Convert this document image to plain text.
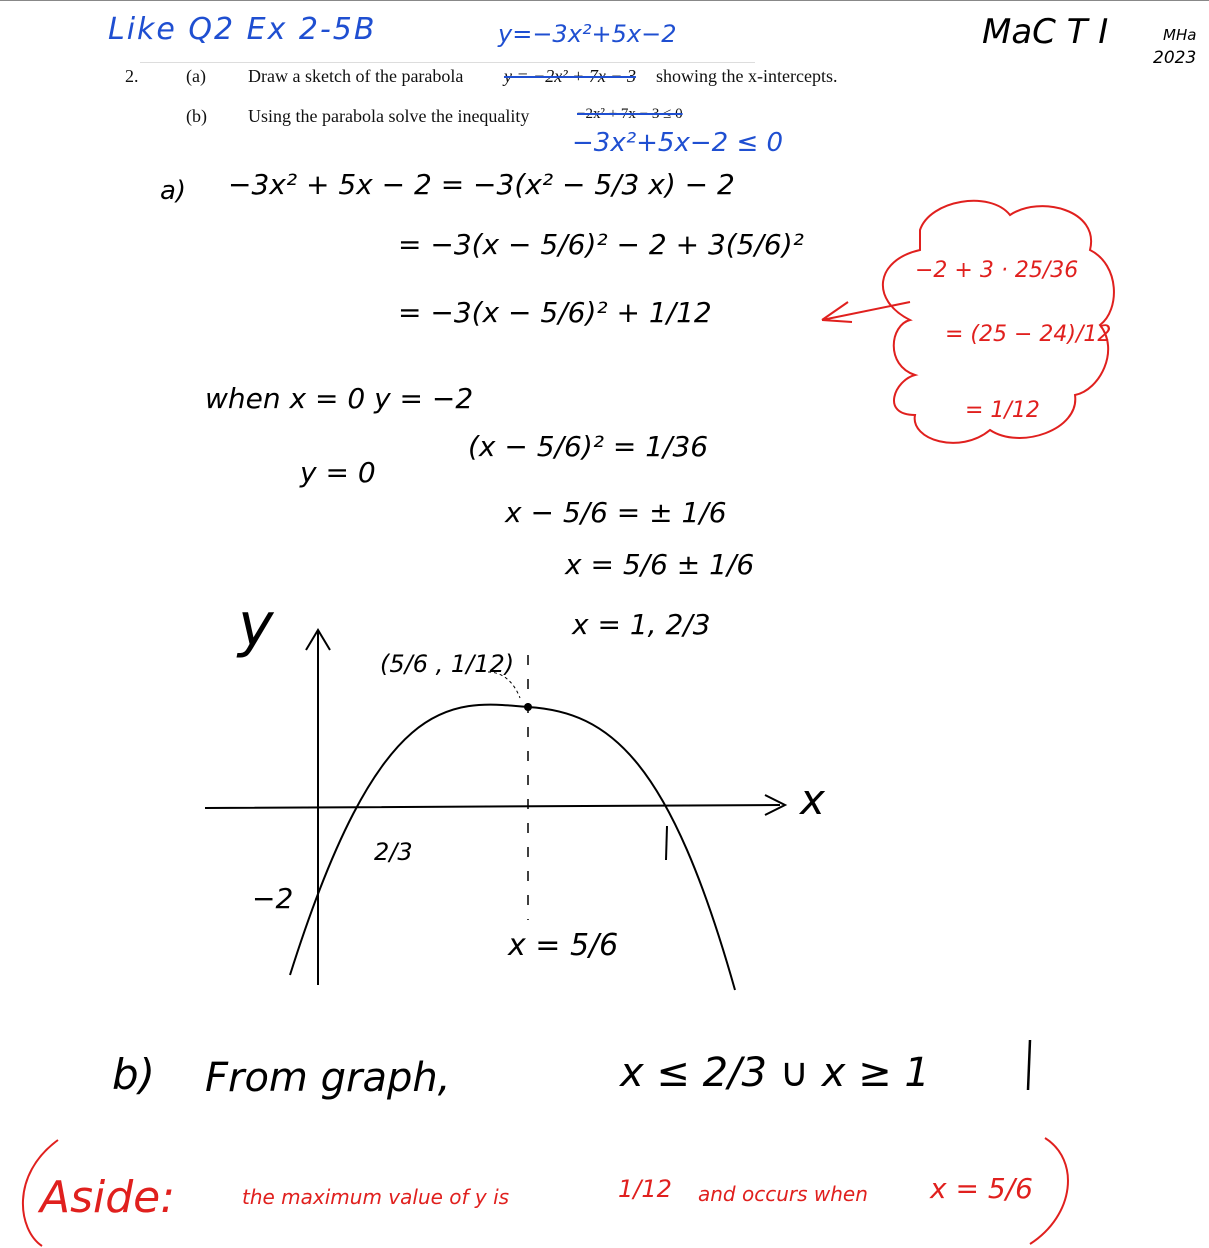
Like Q2 Ex 2-5B	y=−3x²+5x−2	MaC T I	MHa
2023
2.	(a) Draw a sketch of the parabola y = −2x² + 7x − 3 showing the x-intercepts.
(b) Using the parabola solve the inequality	−2x² + 7x − 3 ≤ 0
−3x²+5x−2 ≤ 0
a) −3x² + 5x − 2 = −3(x² − 5/3 x) − 2
= −3(x − 5/6)² − 2 + 3(5/6)²
= −3(x − 5/6)² + 1/12
when x = 0 y = −2
y = 0
(x − 5/6)² = 1/36
x − 5/6 = ± 1/6
x = 5/6 ± 1/6
x = 1, 2/3
−2 + 3 · 25/36
= (25 − 24)/12
= 1/12
y
x
(5/6 , 1/12)
−2
2/3
x = 5/6
b) From graph,	x ≤ 2/3 ∪ x ≥ 1
Aside:	the maximum value of y is	1/12 and occurs when x = 5/6
